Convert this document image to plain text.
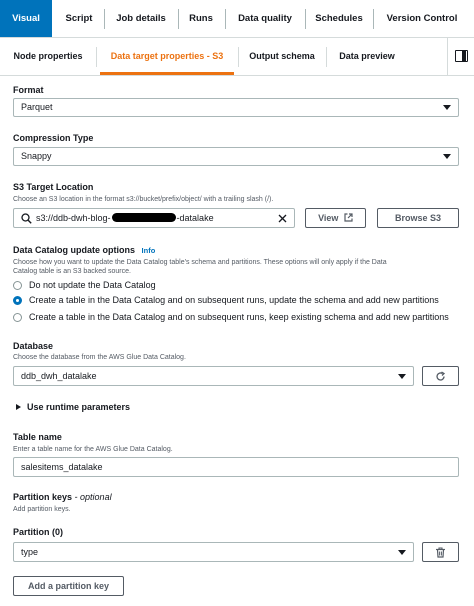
Visual	Script	Job details	Runs	Data quality	Schedules	Version Control
Node properties	Data target properties - S3	Output schema	Data preview
Format
Parquet
Compression Type
Snappy
S3 Target Location
Choose an S3 location in the format s3://bucket/prefix/object/ with a trailing slash (/).
s3://ddb-dwh-blog-	-datalake	View	Browse S3
Data Catalog update options Info
Choose how you want to update the Data Catalog table's schema and partitions. These options will only apply if the Data
Catalog table is an S3 backed source.
Do not update the Data Catalog
Create a table in the Data Catalog and on subsequent runs, update the schema and add new partitions
Create a table in the Data Catalog and on subsequent runs, keep existing schema and add new partitions
Database
Choose the database from the AWS Glue Data Catalog.
ddb_dwh_datalake
Use runtime parameters
Table name
Enter a table name for the AWS Glue Data Catalog.
salesitems_datalake
Partition keys - optional
Add partition keys.
Partition (0)
type
Add a partition key
